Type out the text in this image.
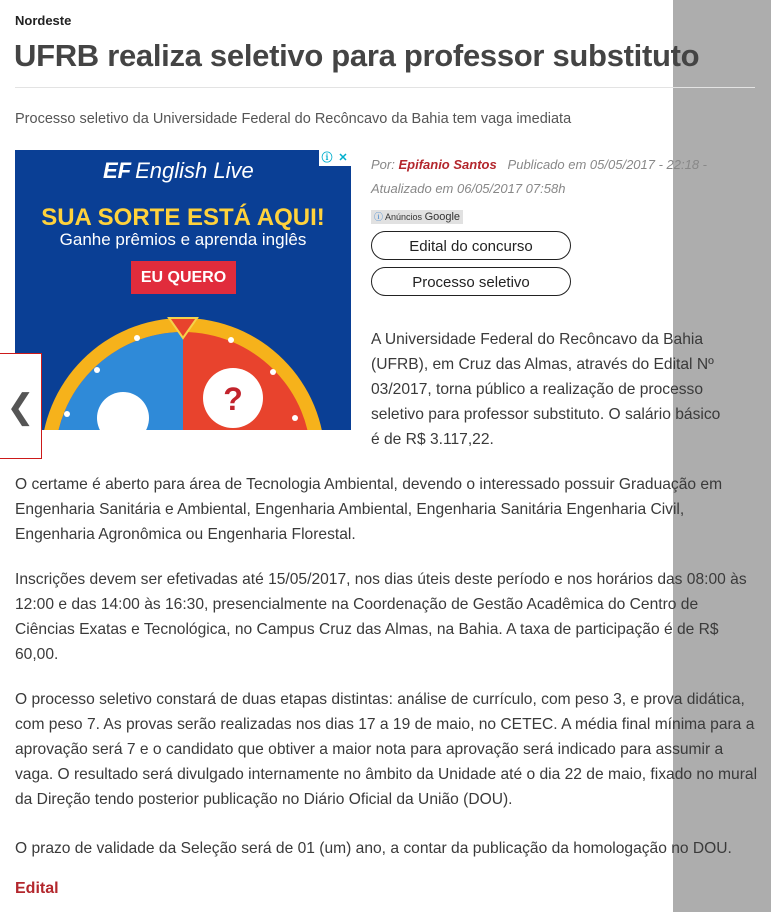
Nordeste
UFRB realiza seletivo para professor substituto
Processo seletivo da Universidade Federal do Recôncavo da Bahia tem vaga imediata
ⓘ ✕
EF English Live
SUA SORTE ESTÁ AQUI!
Ganhe prêmios e aprenda inglês
EU QUERO
?
❮
Por: Epifanio Santos Publicado em 05/05/2017 - 22:18 -
Atualizado em 06/05/2017 07:58h
ⓘ Anúncios Google
Edital do concurso
Processo seletivo

A Universidade Federal do Recôncavo da Bahia (UFRB), em Cruz das Almas, através do Edital Nº 03/2017, torna público a realização de processo seletivo para professor substituto. O salário básico é de R$ 3.117,22.

O certame é aberto para área de Tecnologia Ambiental, devendo o interessado possuir Graduação em Engenharia Sanitária e Ambiental, Engenharia Ambiental, Engenharia Sanitária Engenharia Civil, Engenharia Agronômica ou Engenharia Florestal.

Inscrições devem ser efetivadas até 15/05/2017, nos dias úteis deste período e nos horários das 08:00 às 12:00 e das 14:00 às 16:30, presencialmente na Coordenação de Gestão Acadêmica do Centro de Ciências Exatas e Tecnológica, no Campus Cruz das Almas, na Bahia. A taxa de participação é de R$ 60,00.

O processo seletivo constará de duas etapas distintas: análise de currículo, com peso 3, e prova didática, com peso 7. As provas serão realizadas nos dias 17 a 19 de maio, no CETEC. A média final mínima para a aprovação será 7 e o candidato que obtiver a maior nota para aprovação será indicado para assumir a vaga. O resultado será divulgado internamente no âmbito da Unidade até o dia 22 de maio, fixado no mural da Direção tendo posterior publicação no Diário Oficial da União (DOU).

O prazo de validade da Seleção será de 01 (um) ano, a contar da publicação da homologação no DOU.

Edital
